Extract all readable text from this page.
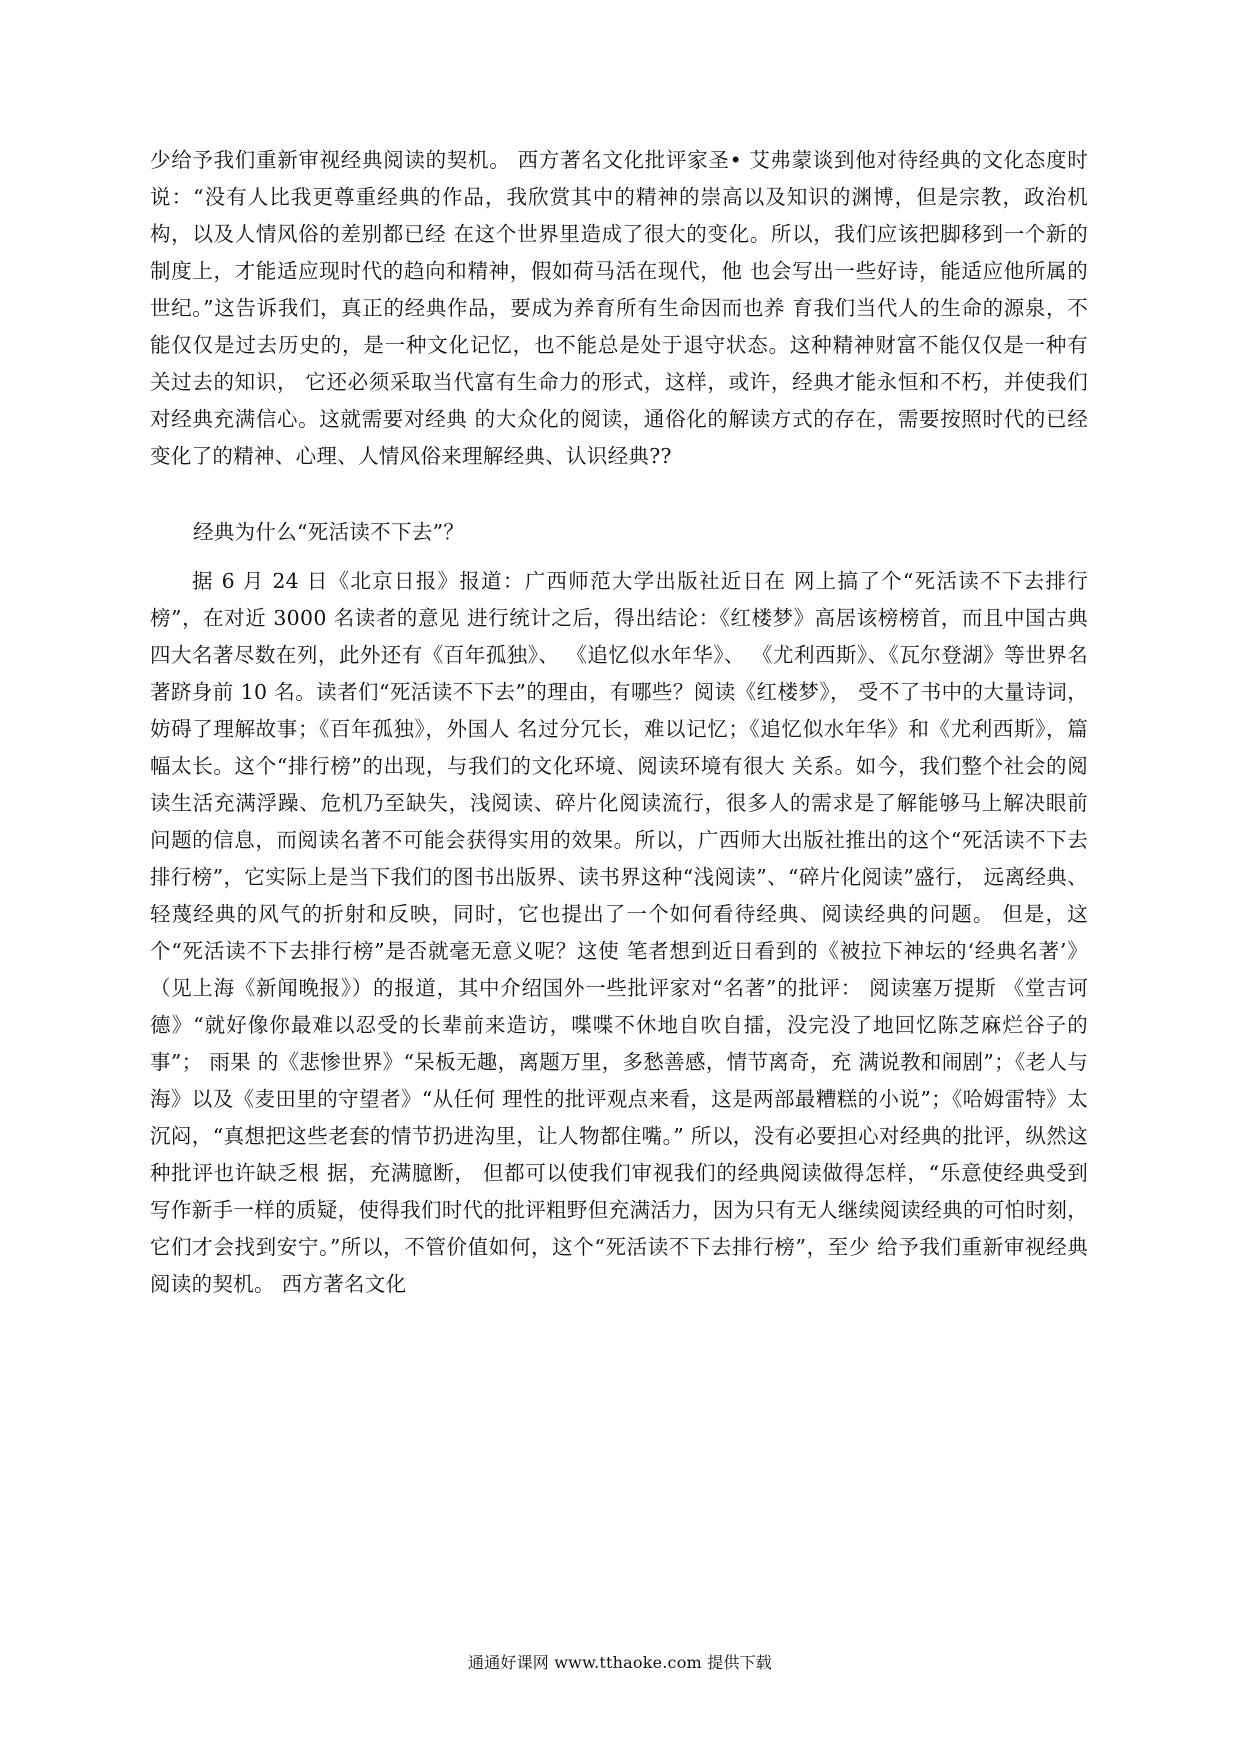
少给予我们重新审视经典阅读的契机。 西方著名文化批评家圣• 艾弗蒙谈到他对待经典的文化态度时 说：“没有人比我更尊重经典的作品，我欣赏其中的精神的崇高以及知识的渊博，但是宗教，政治机构，以及人情风俗的差别都已经 在这个世界里造成了很大的变化。所以，我们应该把脚移到一个新的制度上，才能适应现时代的趋向和精神，假如荷马活在现代，他 也会写出一些好诗，能适应他所属的世纪。”这告诉我们，真正的经典作品，要成为养育所有生命因而也养 育我们当代人的生命的源泉，不能仅仅是过去历史的，是一种文化记忆，也不能总是处于退守状态。这种精神财富不能仅仅是一种有 关过去的知识， 它还必须采取当代富有生命力的形式，这样，或许，经典才能永恒和不朽，并使我们对经典充满信心。这就需要对经典 的大众化的阅读，通俗化的解读方式的存在，需要按照时代的已经 变化了的精神、心理、人情风俗来理解经典、认识经典??

经典为什么“死活读不下去”？

据 6 月 24 日《北京日报》报道：广西师范大学出版社近日在 网上搞了个“死活读不下去排行榜”，在对近 3000 名读者的意见 进行统计之后，得出结论：《红楼梦》高居该榜榜首，而且中国古典四大名著尽数在列，此外还有《百年孤独》、 《追忆似水年华》、 《尤利西斯》、《瓦尔登湖》等世界名著跻身前 10 名。读者们“死活读不下去”的理由，有哪些？阅读《红楼梦》， 受不了书中的大量诗词，妨碍了理解故事；《百年孤独》，外国人 名过分冗长，难以记忆；《追忆似水年华》和《尤利西斯》，篇幅太长。这个“排行榜”的出现，与我们的文化环境、阅读环境有很大 关系。如今，我们整个社会的阅读生活充满浮躁、危机乃至缺失，浅阅读、碎片化阅读流行，很多人的需求是了解能够马上解决眼前 问题的信息，而阅读名著不可能会获得实用的效果。所以，广西师大出版社推出的这个“死活读不下去排行榜”，它实际上是当下我们的图书出版界、读书界这种“浅阅读”、“碎片化阅读”盛行， 远离经典、轻蔑经典的风气的折射和反映，同时，它也提出了一个如何看待经典、阅读经典的问题。 但是，这个“死活读不下去排行榜”是否就毫无意义呢？这使 笔者想到近日看到的《被拉下神坛的‘经典名著’》（见上海《新闻晚报》）的报道，其中介绍国外一些批评家对“名著”的批评： 阅读塞万提斯 《堂吉诃德》“就好像你最难以忍受的长辈前来造访，喋喋不休地自吹自擂，没完没了地回忆陈芝麻烂谷子的事”； 雨果 的《悲惨世界》“呆板无趣，离题万里，多愁善感，情节离奇，充 满说教和闹剧”；《老人与海》以及《麦田里的守望者》“从任何 理性的批评观点来看，这是两部最糟糕的小说”；《哈姆雷特》太 沉闷，“真想把这些老套的情节扔进沟里，让人物都住嘴。” 所以，没有必要担心对经典的批评，纵然这种批评也许缺乏根 据，充满臆断， 但都可以使我们审视我们的经典阅读做得怎样，“乐意使经典受到写作新手一样的质疑，使得我们时代的批评粗野但充满活力，因为只有无人继续阅读经典的可怕时刻，它们才会找到安宁。”所以，不管价值如何，这个“死活读不下去排行榜”，至少 给予我们重新审视经典阅读的契机。 西方著名文化

通通好课网 www.tthaoke.com 提供下载
